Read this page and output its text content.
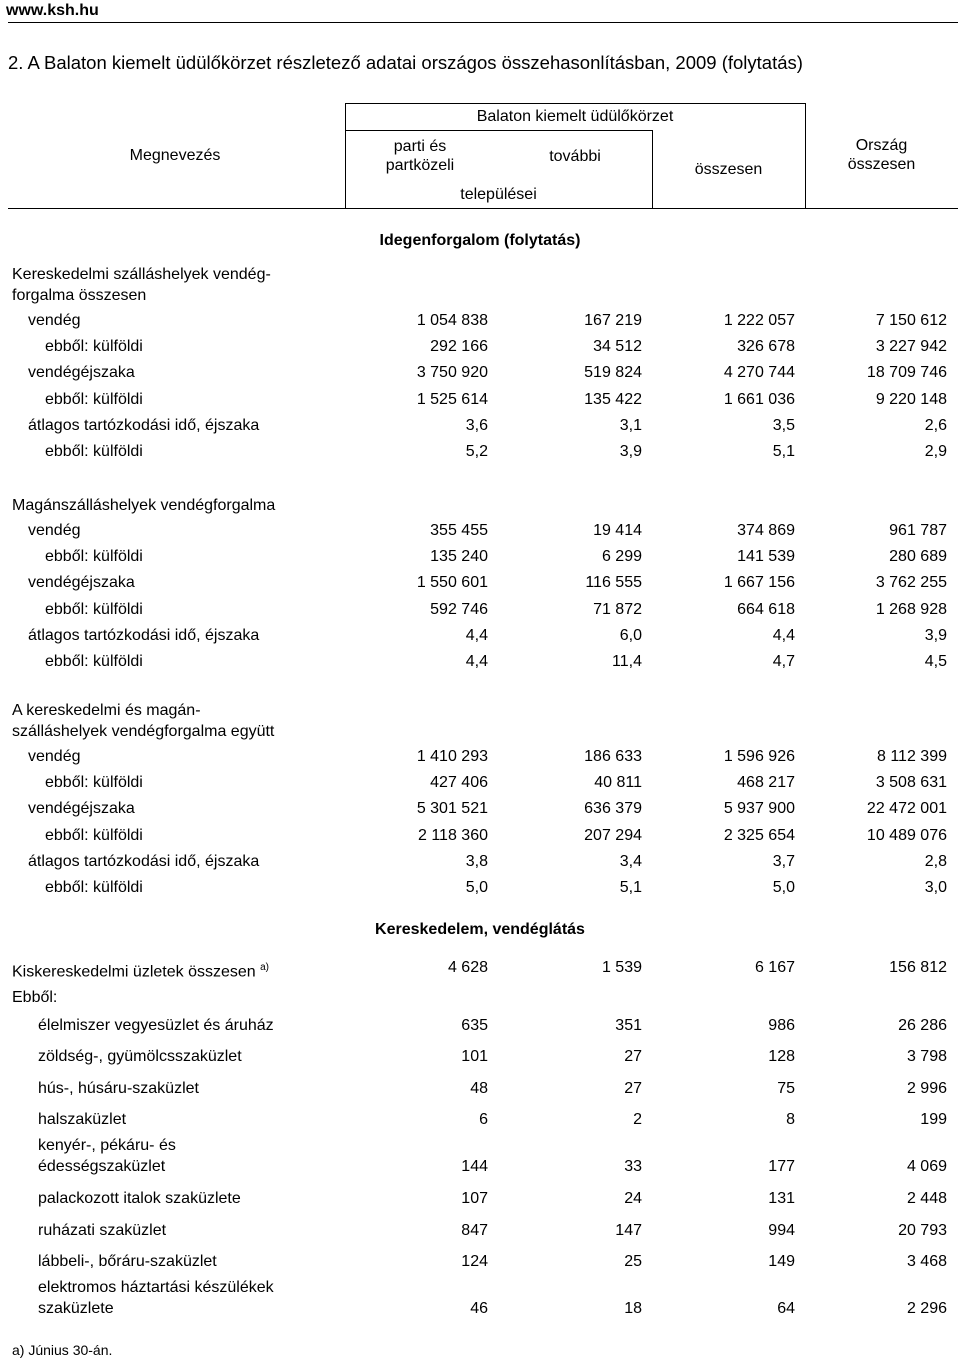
www.ksh.hu
2. A Balaton kiemelt üdülőkörzet részletező adatai országos összehasonlításban, 2009 (folytatás)
Megnevezés
Balaton kiemelt üdülőkörzet
parti és
partközeli
további
települései
összesen
Ország
összesen
Idegenforgalom (folytatás)
Kereskedelmi szálláshelyek vendég-
forgalma összesen
vendég	1 054 838	167 219	1 222 057	7 150 612
ebből: külföldi	292 166	34 512	326 678	3 227 942
vendégéjszaka	3 750 920	519 824	4 270 744	18 709 746
ebből: külföldi	1 525 614	135 422	1 661 036	9 220 148
átlagos tartózkodási idő, éjszaka	3,6	3,1	3,5	2,6
ebből: külföldi	5,2	3,9	5,1	2,9
Magánszálláshelyek vendégforgalma
vendég	355 455	19 414	374 869	961 787
ebből: külföldi	135 240	6 299	141 539	280 689
vendégéjszaka	1 550 601	116 555	1 667 156	3 762 255
ebből: külföldi	592 746	71 872	664 618	1 268 928
átlagos tartózkodási idő, éjszaka	4,4	6,0	4,4	3,9
ebből: külföldi	4,4	11,4	4,7	4,5
A kereskedelmi és magán-
szálláshelyek vendégforgalma együtt
vendég	1 410 293	186 633	1 596 926	8 112 399
ebből: külföldi	427 406	40 811	468 217	3 508 631
vendégéjszaka	5 301 521	636 379	5 937 900	22 472 001
ebből: külföldi	2 118 360	207 294	2 325 654	10 489 076
átlagos tartózkodási idő, éjszaka	3,8	3,4	3,7	2,8
ebből: külföldi	5,0	5,1	5,0	3,0
Kereskedelem, vendéglátás
Kiskereskedelmi üzletek összesen $^{a)}$	4 628	1 539	6 167	156 812
Ebből:
élelmiszer vegyesüzlet és áruház	635	351	986	26 286
zöldség-, gyümölcsszaküzlet	101	27	128	3 798
hús-, húsáru-szaküzlet	48	27	75	2 996
halszaküzlet	6	2	8	199
kenyér-, pékáru- és
édességszaküzlet	144	33	177	4 069
palackozott italok szaküzlete	107	24	131	2 448
ruházati szaküzlet	847	147	994	20 793
lábbeli-, bőráru-szaküzlet	124	25	149	3 468
elektromos háztartási készülékek
szaküzlete	46	18	64	2 296
a) Június 30-án.
